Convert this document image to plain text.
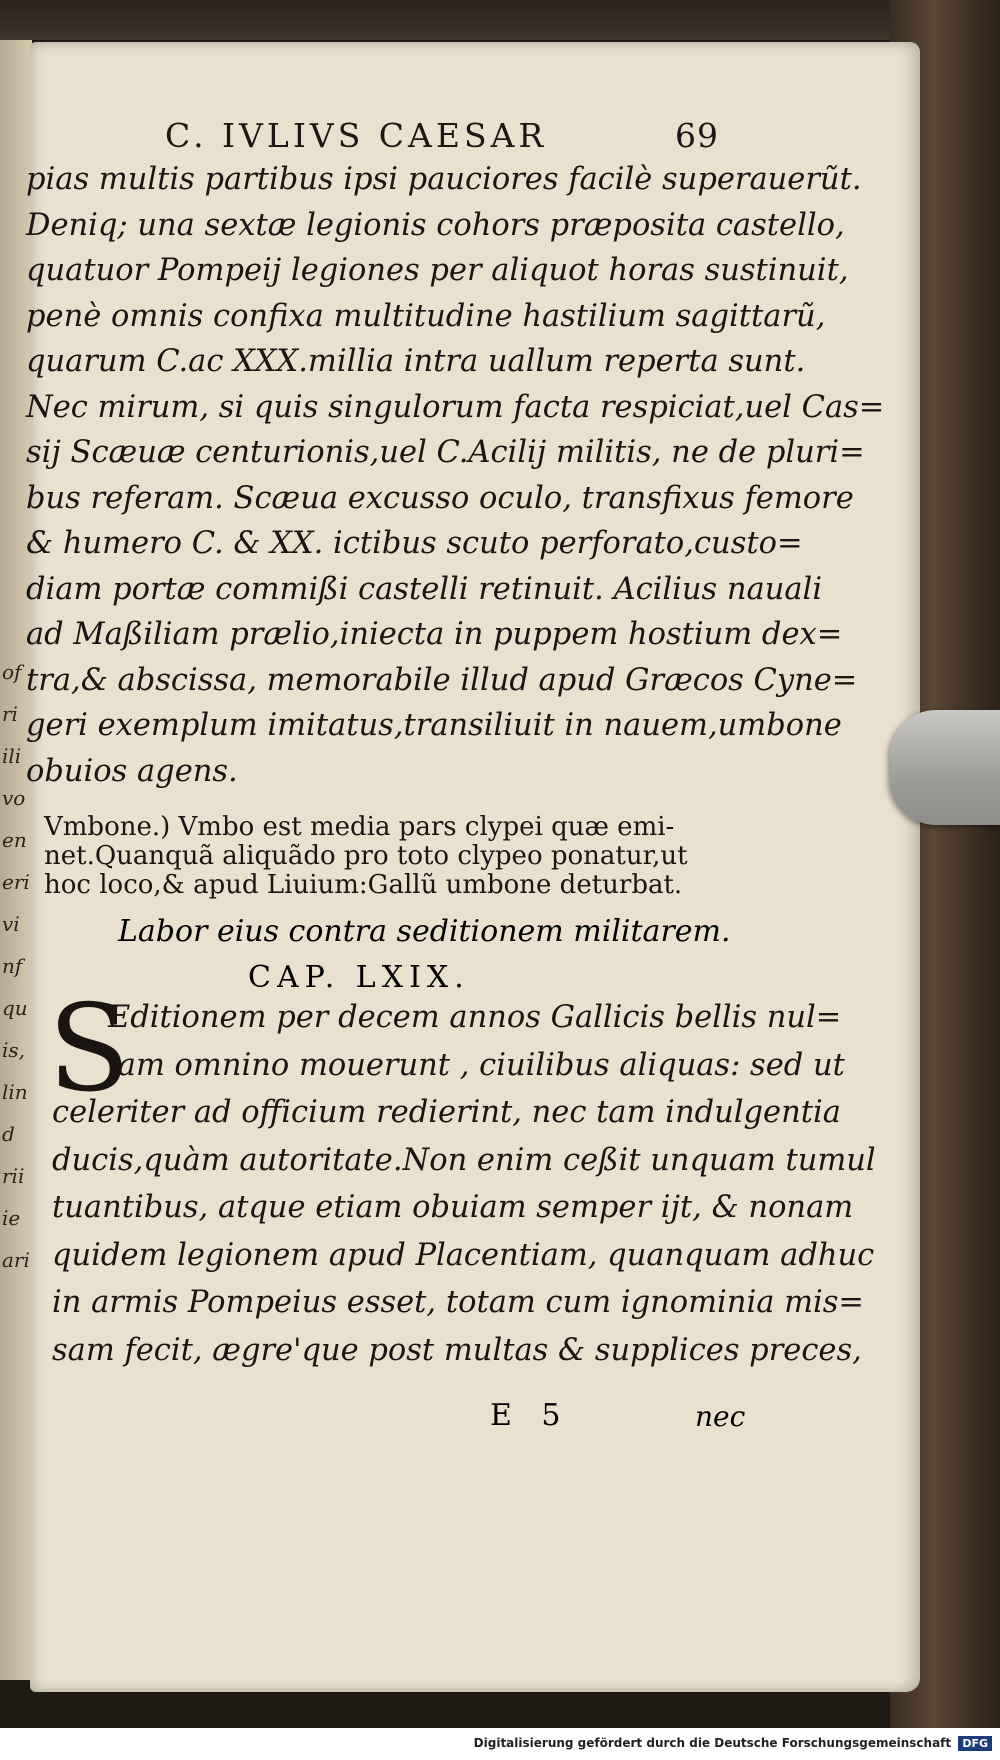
of
ri
ili
vo
en
eri
vi
nf
qu
is,
lin
d
rii
ie
ari
C. IVLIVS CAESAR	69
pias multis partibus ipsi pauciores facilè superauerũt.
Deniq; una sextæ legionis cohors præposita castello,
quatuor Pompeij legiones per aliquot horas sustinuit,
penè omnis confixa multitudine hastilium sagittarũ,
quarum C.ac XXX.millia intra uallum reperta sunt.
Nec mirum, si quis singulorum facta respiciat,uel Cas=
sij Scæuæ centurionis,uel C.Acilij militis, ne de pluri=
bus referam. Scæua excusso oculo, transfixus femore
& humero C. & XX. ictibus scuto perforato,custo=
diam portæ commißi castelli retinuit. Acilius nauali
ad Maßiliam prælio,iniecta in puppem hostium dex=
tra,& abscissa, memorabile illud apud Græcos Cyne=
geri exemplum imitatus,transiliuit in nauem,umbone
obuios agens.
Vmbone.) Vmbo est media pars clypei quæ emi-
net.Quanquã aliquãdo pro toto clypeo ponatur,ut
hoc loco,& apud Liuium:Gallũ umbone deturbat.
Labor eius contra seditionem militarem.
CAP. LXIX.
S
Editionem per decem annos Gallicis bellis nul=
lam omnino mouerunt , ciuilibus aliquas: sed ut
celeriter ad officium redierint, nec tam indulgentia
ducis,quàm autoritate.Non enim ceßit unquam tumul
tuantibus, atque etiam obuiam semper ijt, & nonam
quidem legionem apud Placentiam, quanquam adhuc
in armis Pompeius esset, totam cum ignominia mis=
sam fecit, ægre'que post multas & supplices preces,
E 5	nec
Digitalisierung gefördert durch die Deutsche Forschungsgemeinschaft DFG
